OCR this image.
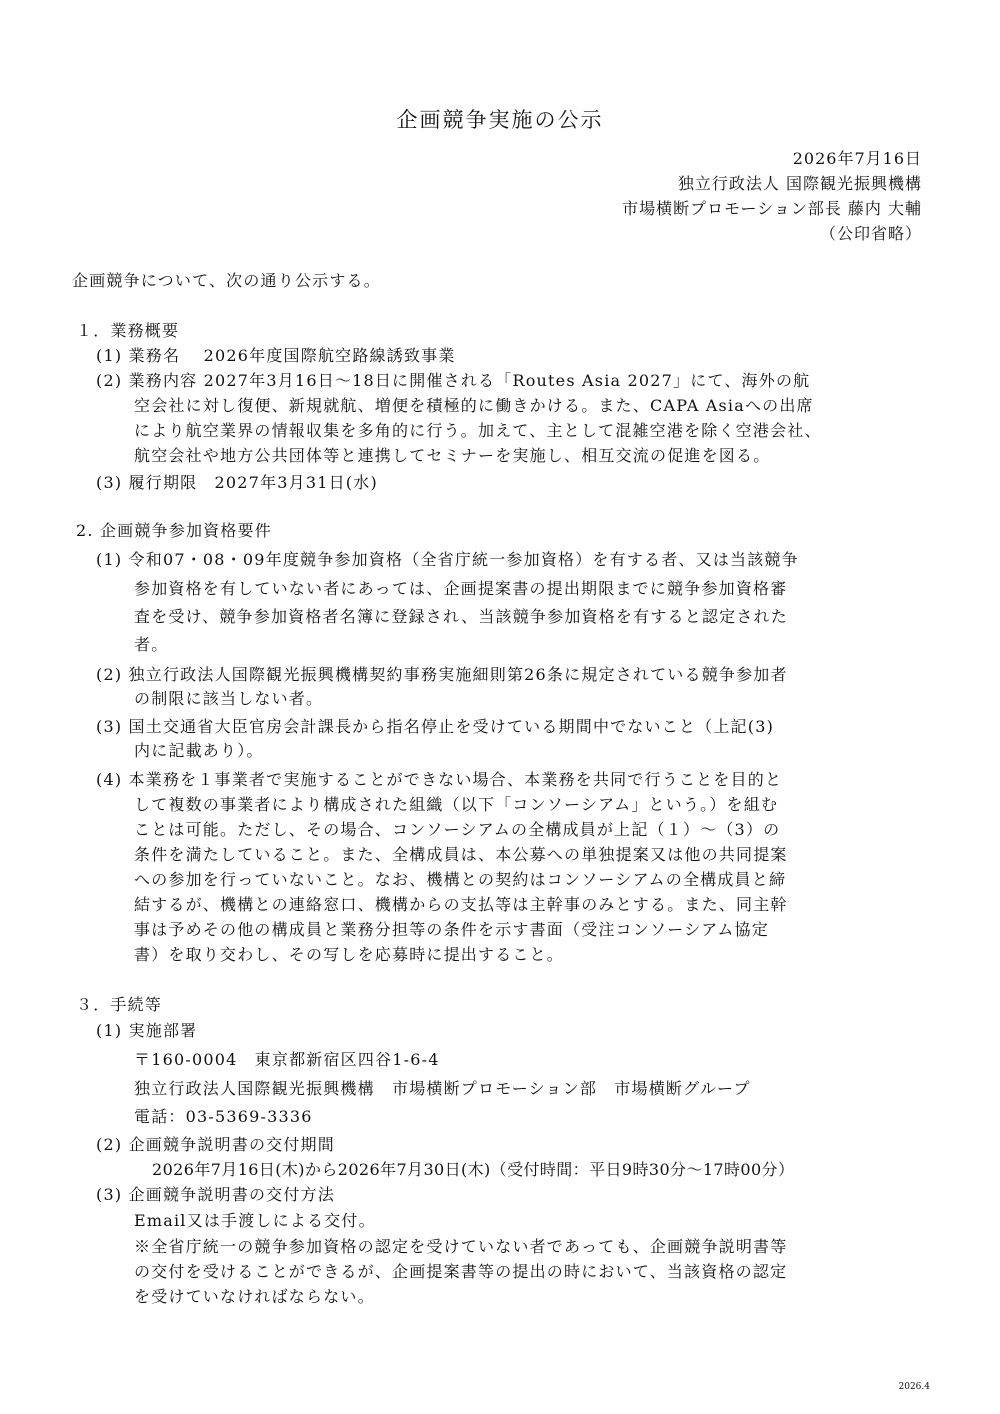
企画競争実施の公示
2026年7月16日
独立行政法人 国際観光振興機構
市場横断プロモーション部長 藤内 大輔
（公印省略）
企画競争について、次の通り公示する。
１．業務概要
(1) 業務名　 2026年度国際航空路線誘致事業
(2) 業務内容 2027年3月16日～18日に開催される「Routes Asia 2027」にて、海外の航
空会社に対し復便、新規就航、増便を積極的に働きかける。また、CAPA Asiaへの出席
により航空業界の情報収集を多角的に行う。加えて、主として混雑空港を除く空港会社、
航空会社や地方公共団体等と連携してセミナーを実施し、相互交流の促進を図る。
(3) 履行期限　2027年3月31日(水)
2. 企画競争参加資格要件
(1) 令和07・08・09年度競争参加資格（全省庁統一参加資格）を有する者、又は当該競争
参加資格を有していない者にあっては、企画提案書の提出期限までに競争参加資格審
査を受け、競争参加資格者名簿に登録され、当該競争参加資格を有すると認定された
者。
(2) 独立行政法人国際観光振興機構契約事務実施細則第26条に規定されている競争参加者
の制限に該当しない者。
(3) 国土交通省大臣官房会計課長から指名停止を受けている期間中でないこと（上記(3)
内に記載あり）。
(4) 本業務を１事業者で実施することができない場合、本業務を共同で行うことを目的と
して複数の事業者により構成された組織（以下「コンソーシアム」という。）を組む
ことは可能。ただし、その場合、コンソーシアムの全構成員が上記（１）～（3）の
条件を満たしていること。また、全構成員は、本公募への単独提案又は他の共同提案
への参加を行っていないこと。なお、機構との契約はコンソーシアムの全構成員と締
結するが、機構との連絡窓口、機構からの支払等は主幹事のみとする。また、同主幹
事は予めその他の構成員と業務分担等の条件を示す書面（受注コンソーシアム協定
書）を取り交わし、その写しを応募時に提出すること。
３．手続等
(1) 実施部署
〒160-0004　東京都新宿区四谷1-6-4
独立行政法人国際観光振興機構　市場横断プロモーション部　市場横断グループ
電話：03-5369-3336
(2) 企画競争説明書の交付期間
2026年7月16日(木)から2026年7月30日(木)（受付時間：平日9時30分～17時00分）
(3) 企画競争説明書の交付方法
Email又は手渡しによる交付。
※全省庁統一の競争参加資格の認定を受けていない者であっても、企画競争説明書等
の交付を受けることができるが、企画提案書等の提出の時において、当該資格の認定
を受けていなければならない。
2026.4
